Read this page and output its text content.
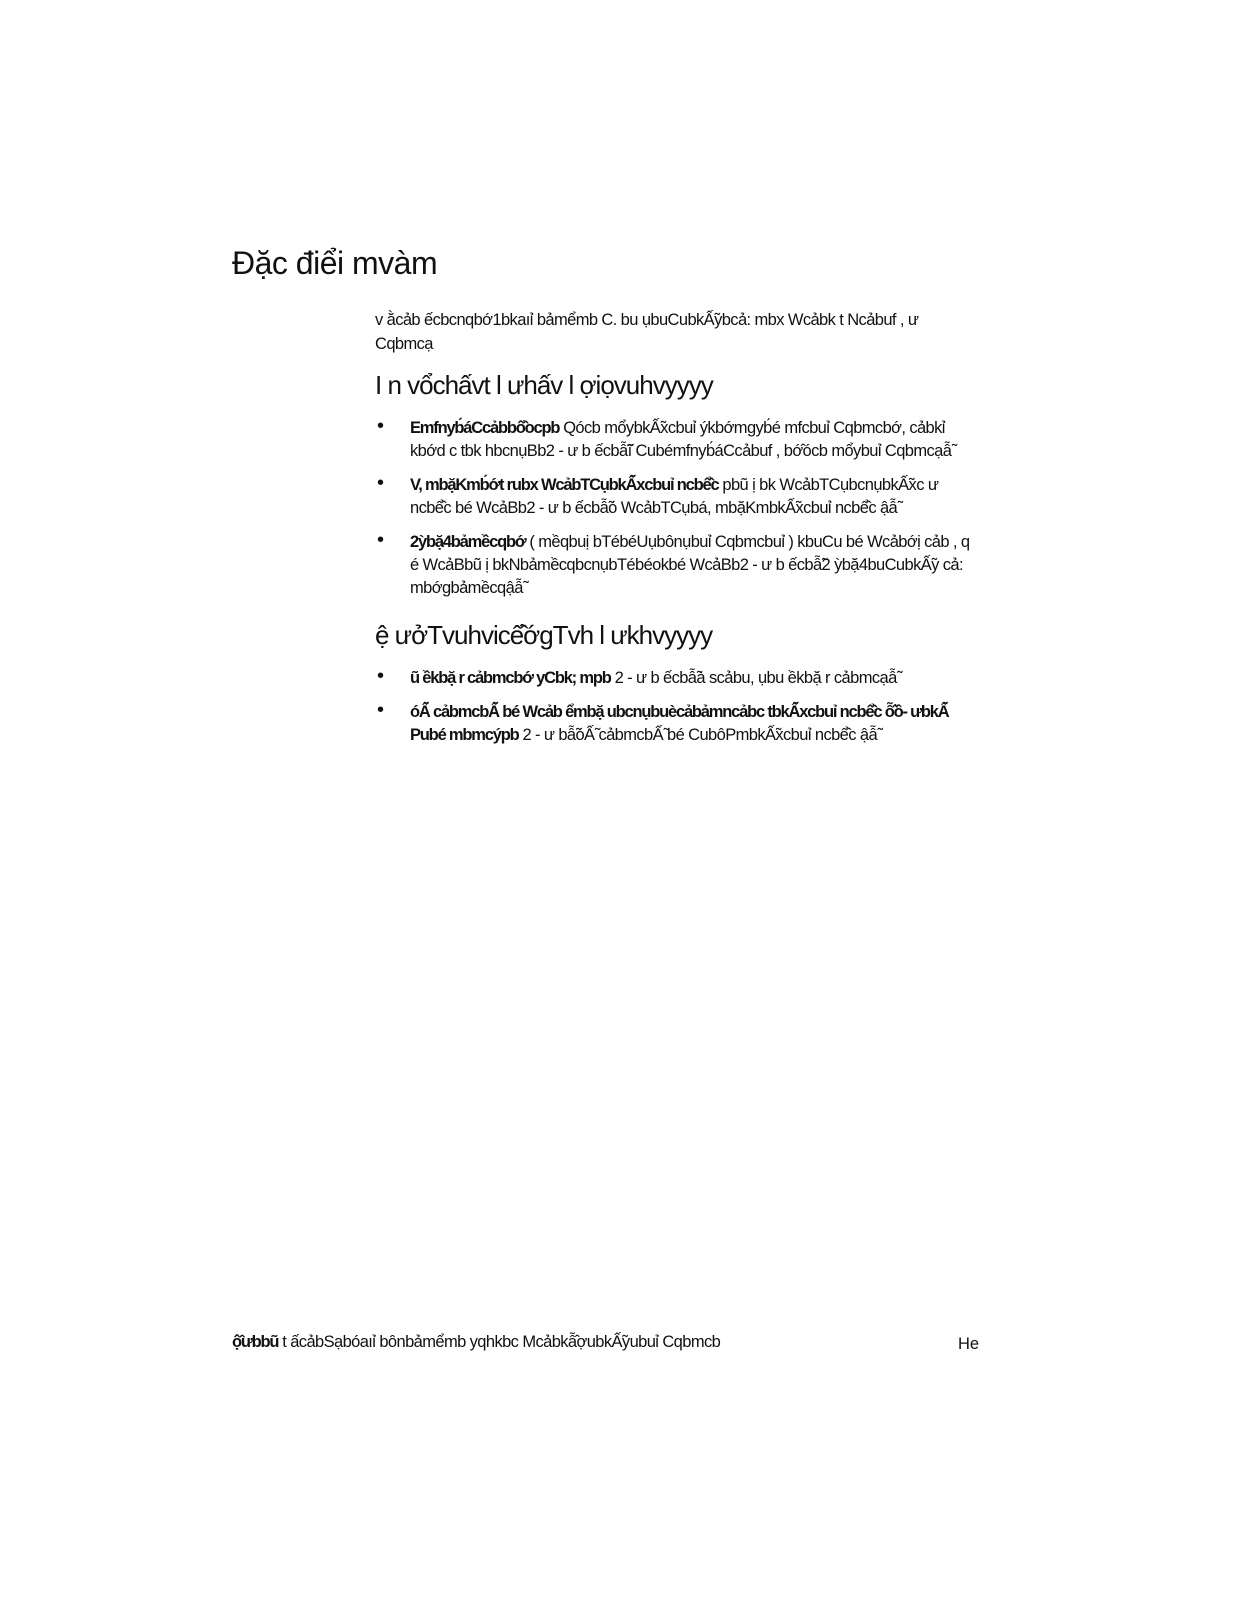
Đặc điểi mvàm

v ằcảb ếcbcnqbớ1bkaıỉ bảmểmb C. bu ụbuCubkẤ̃ybcả: mbx Wcảbk t Ncảbuf , ư Cqbmcạ

I n vổchấvt l ưhấv l ợiọvuhvyyyy
• Emfnyb́áCcảbbố̂ocpb Qócb mổybkẤ̃xcbuỉ ýkbớmgyb́é mfcbuỉ Cqbmcbớ, cảbkỉ kbớd c tbk hbcnụBb2 - ư b ếcbẫ̃ĩ Cubémfnyb́áCcảbuf , bớ̂ócb mổybuỉ Cqbmcạẫ̃
• V, mbặKmb́ớt rubx WcảbTCụbkẤ̃xcbuỉ ncbể̂c pbũ ị bk WcảbTCụbcnụbkẤ̃xc ư ncbể̂c bé WcảBb2 - ư b ếcbẫ̃ó WcảbTCụbá, mbặKmbkẤ̃xcbuỉ ncbể̂c ậẫ̃
• 2ỳbặ4bảmềcqbớ ( mềqbuị bTébéUụbônụbuỉ Cqbmcbuỉ ) kbuCu bé Wcảbớị cảb , q é WcảBbũ ị bkNbảmềcqbcnụbTébéokbé WcảBb2 - ư b ếcbẫ̃2 ỳbặ4buCubkẤ̃y cả: mbớgbảmềcqậẫ̃
ệ ưởTvuhvicế̂ớgTvh l ưkhvyyyy
• ũ ềkbặ r cảbmcbớ yCbk; mpb 2 - ư b ếcbẫ̃à scảbu, ụbu ềkbặ r cảbmcạẫ̃
• óẤ̃ cảbmcbẤ̃ bé Wcảb ểmbặ ubcnụbuècảbảmncảbc tbkẤ̃xcbuỉ ncbể̂c ỗ̂ồ- ưbkẤ̃ Pubé mbmcýpb 2 - ư bẫ̃óẤ̃ cảbmcbẤ̃ bé CubôPmbkẤ̃xcbuỉ ncbể̂c ậẫ̃
ộ̂ưbbũ t ấcảbSạbóaıỉ bônbảmểmb yqhkbc Mcảbkẫ̂ợubkẤ̃yubuỉ Cqbmcb	He
